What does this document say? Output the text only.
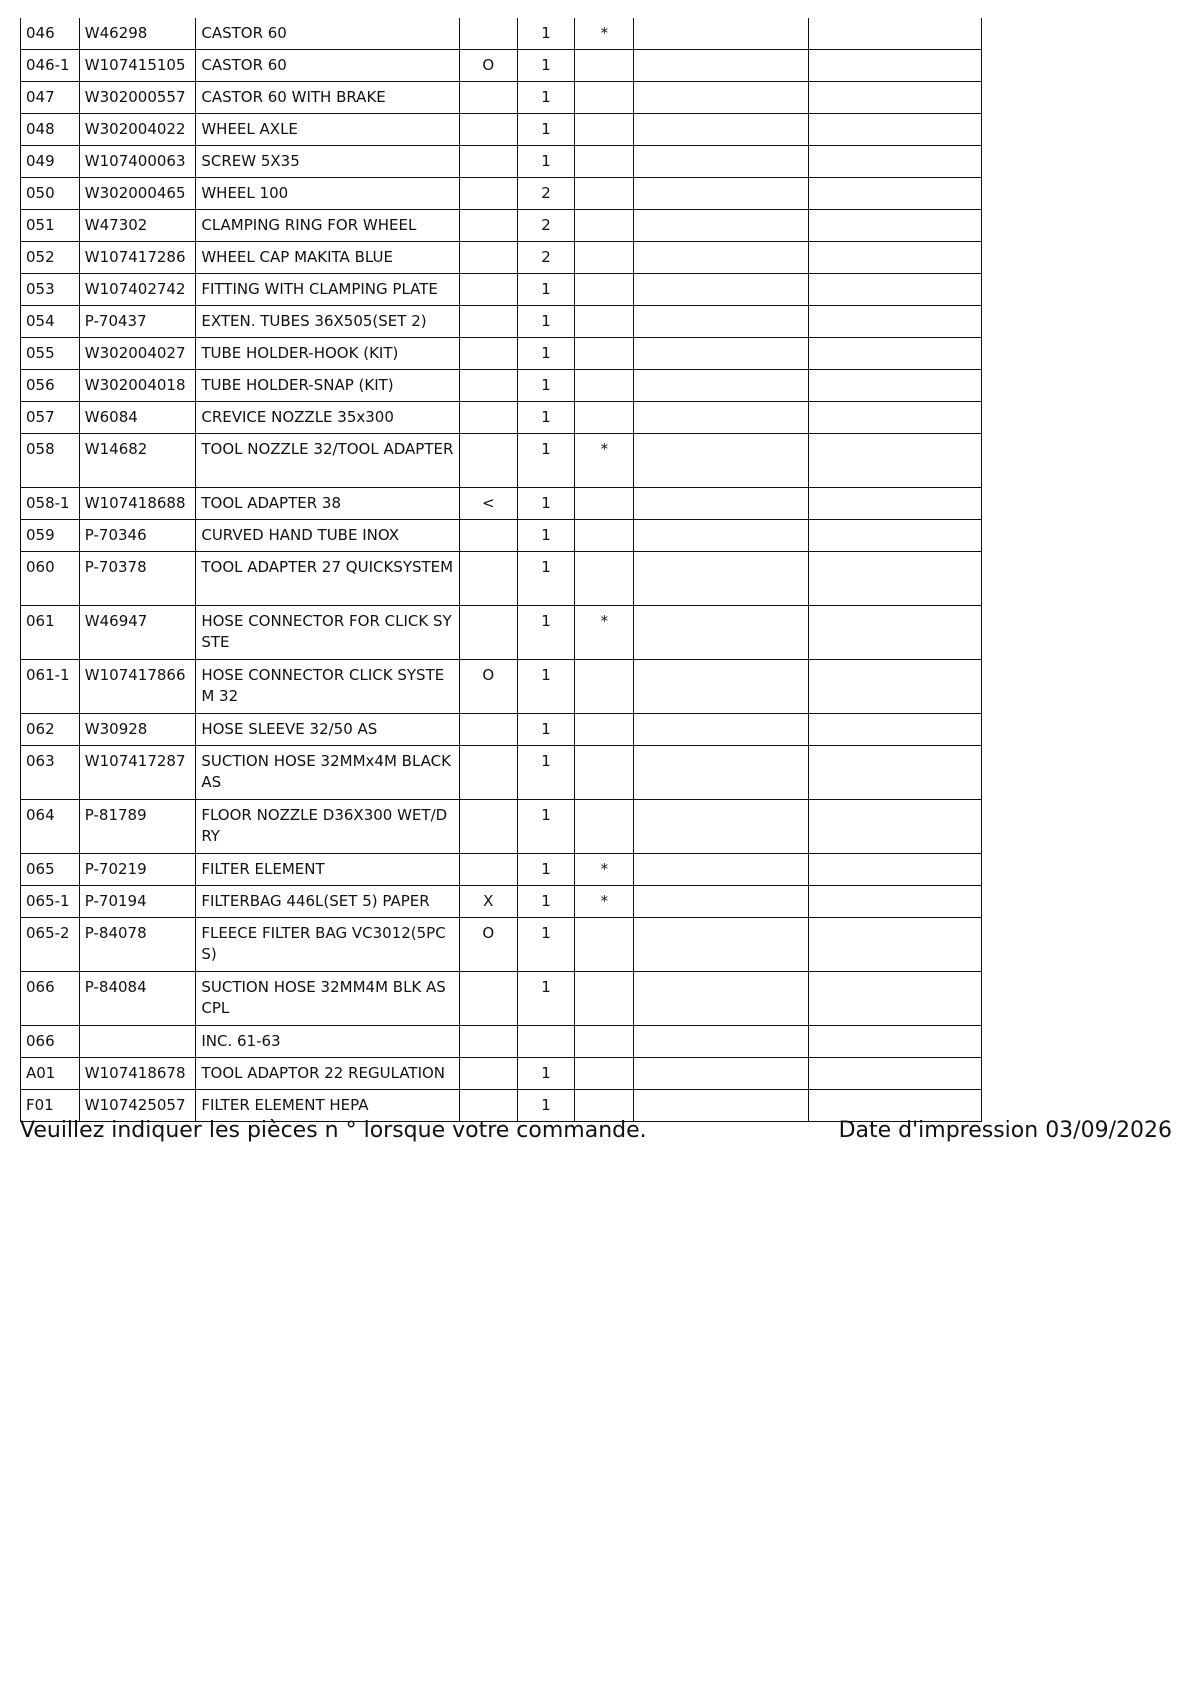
046	W46298	CASTOR 60		1	*		
046-1	W107415105	CASTOR 60	O	1			
047	W302000557	CASTOR 60 WITH BRAKE		1			
048	W302004022	WHEEL AXLE		1			
049	W107400063	SCREW 5X35		1			
050	W302000465	WHEEL 100		2			
051	W47302	CLAMPING RING FOR WHEEL		2			
052	W107417286	WHEEL CAP MAKITA BLUE		2			
053	W107402742	FITTING WITH CLAMPING PLATE		1			
054	P-70437	EXTEN. TUBES 36X505(SET 2)		1			
055	W302004027	TUBE HOLDER-HOOK (KIT)		1			
056	W302004018	TUBE HOLDER-SNAP (KIT)		1			
057	W6084	CREVICE NOZZLE 35x300		1			
058	W14682	TOOL NOZZLE 32/TOOL ADAPTER		1	*		
058-1	W107418688	TOOL ADAPTER 38	<	1			
059	P-70346	CURVED HAND TUBE INOX		1			
060	P-70378	TOOL ADAPTER 27 QUICKSYSTEM		1			
061	W46947	HOSE CONNECTOR FOR CLICK SYSTE		1	*		
061-1	W107417866	HOSE CONNECTOR CLICK SYSTEM 32	O	1			
062	W30928	HOSE SLEEVE 32/50 AS		1			
063	W107417287	SUCTION HOSE 32MMx4M BLACK AS		1			
064	P-81789	FLOOR NOZZLE D36X300 WET/DRY		1			
065	P-70219	FILTER ELEMENT		1	*		
065-1	P-70194	FILTERBAG 446L(SET 5) PAPER	X	1	*		
065-2	P-84078	FLEECE FILTER BAG VC3012(5PCS)	O	1			
066	P-84084	SUCTION HOSE 32MM4M BLK AS CPL		1			
066		INC. 61-63					
A01	W107418678	TOOL ADAPTOR 22 REGULATION		1			
F01	W107425057	FILTER ELEMENT HEPA		1			
Veuillez indiquer les pièces n ° lorsque votre commande.	Date d'impression 03/09/2026
